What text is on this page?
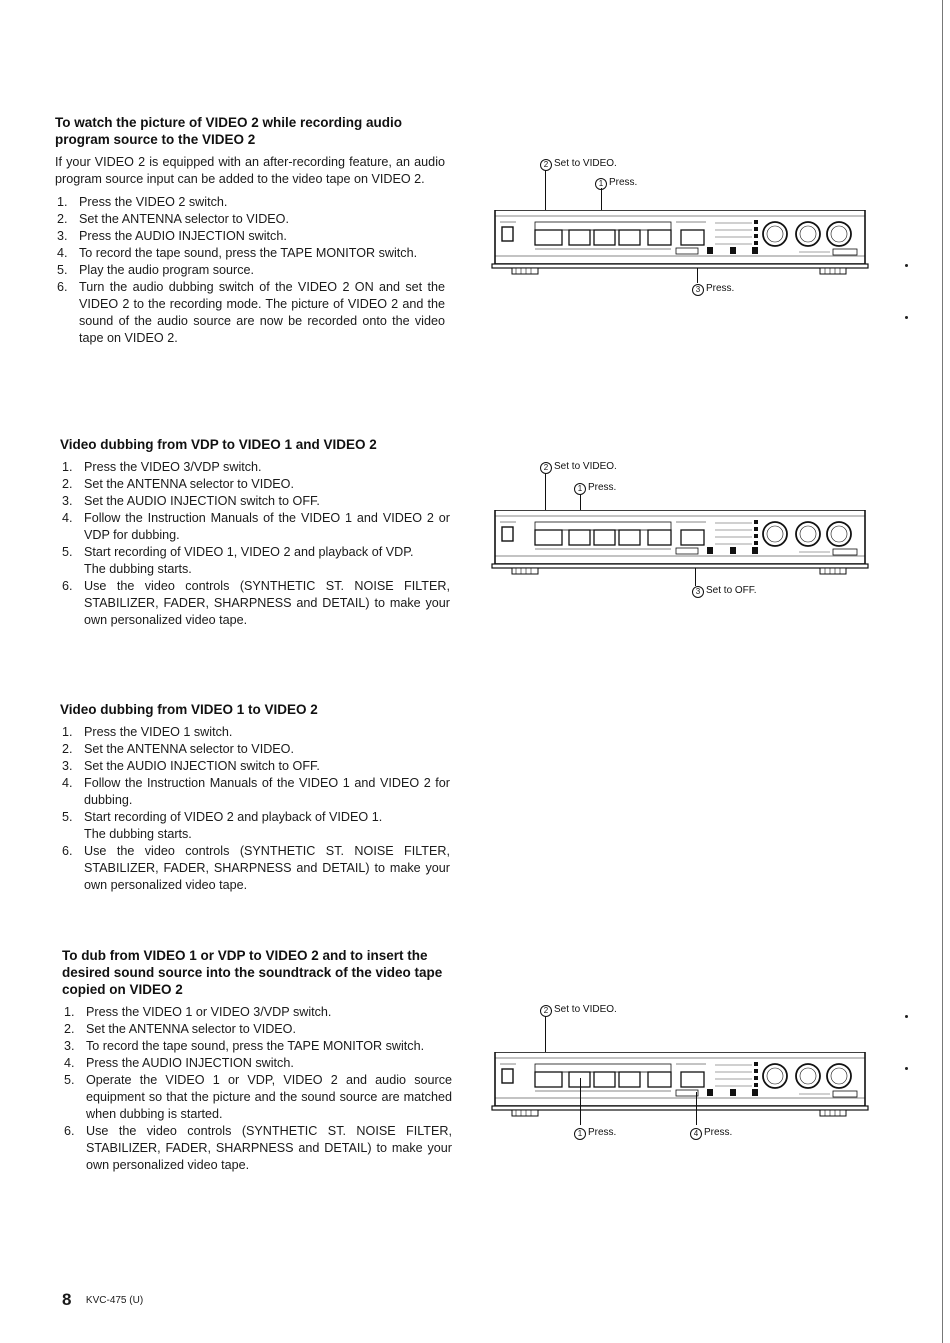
To watch the picture of VIDEO 2 while recording audio program source to the VIDEO 2

If your VIDEO 2 is equipped with an after-recording feature, an audio program source input can be added to the video tape on VIDEO 2.

1. Press the VIDEO 2 switch.
2. Set the ANTENNA selector to VIDEO.
3. Press the AUDIO INJECTION switch.
4. To record the tape sound, press the TAPE MONITOR switch.
5. Play the audio program source.
6. Turn the audio dubbing switch of the VIDEO 2 ON and set the VIDEO 2 to the recording mode. The picture of VIDEO 2 and the sound of the audio source are now be recorded onto the video tape on VIDEO 2.
Video dubbing from VDP to VIDEO 1 and VIDEO 2
1. Press the VIDEO 3/VDP switch.
2. Set the ANTENNA selector to VIDEO.
3. Set the AUDIO INJECTION switch to OFF.
4. Follow the Instruction Manuals of the VIDEO 1 and VIDEO 2 or VDP for dubbing.
5. Start recording of VIDEO 1, VIDEO 2 and playback of VDP.
The dubbing starts.
6. Use the video controls (SYNTHETIC ST. NOISE FILTER, STABILIZER, FADER, SHARPNESS and DETAIL) to make your own personalized video tape.
Video dubbing from VIDEO 1 to VIDEO 2
1. Press the VIDEO 1 switch.
2. Set the ANTENNA selector to VIDEO.
3. Set the AUDIO INJECTION switch to OFF.
4. Follow the Instruction Manuals of the VIDEO 1 and VIDEO 2 for dubbing.
5. Start recording of VIDEO 2 and playback of VIDEO 1.
The dubbing starts.
6. Use the video controls (SYNTHETIC ST. NOISE FILTER, STABILIZER, FADER, SHARPNESS and DETAIL) to make your own personalized video tape.
To dub from VIDEO 1 or VDP to VIDEO 2 and to insert the desired sound source into the soundtrack of the video tape copied on VIDEO 2
1. Press the VIDEO 1 or VIDEO 3/VDP switch.
2. Set the ANTENNA selector to VIDEO.
3. To record the tape sound, press the TAPE MONITOR switch.
4. Press the AUDIO INJECTION switch.
5. Operate the VIDEO 1 or VDP, VIDEO 2 and audio source equipment so that the picture and the sound source are matched when dubbing is started.
6. Use the video controls (SYNTHETIC ST. NOISE FILTER, STABILIZER, FADER, SHARPNESS and DETAIL) to make your own personalized video tape.
2 Set to VIDEO.
1 Press.
3 Press.
2 Set to VIDEO.
1 Press.
3 Set to OFF.
2 Set to VIDEO.
1 Press.	4 Press.
8 KVC-475 (U)
